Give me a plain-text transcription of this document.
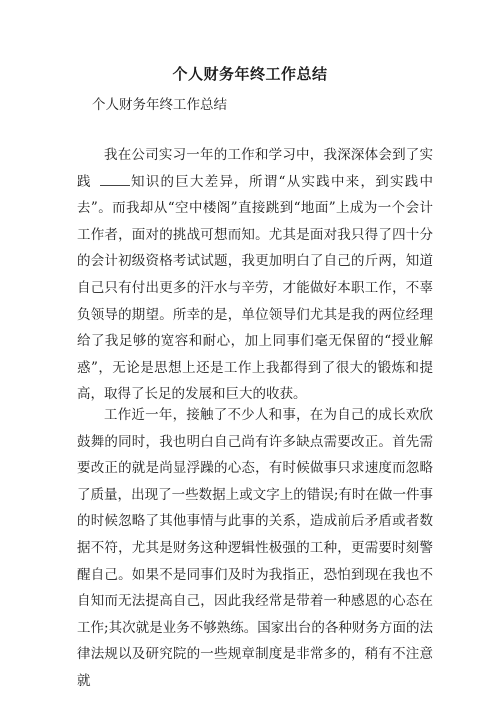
个人财务年终工作总结
个人财务年终工作总结

我在公司实习一年的工作和学习中，我深深体会到了实践	知识的巨大差异，所谓“从实践中来，到实践中去”。而我却从“空中楼阁”直接跳到“地面”上成为一个会计工作者，面对的挑战可想而知。尤其是面对我只得了四十分的会计初级资格考试试题，我更加明白了自己的斤两，知道自己只有付出更多的汗水与辛劳，才能做好本职工作，不辜负领导的期望。所幸的是，单位领导们尤其是我的两位经理给了我足够的宽容和耐心，加上同事们毫无保留的“授业解惑”，无论是思想上还是工作上我都得到了很大的锻炼和提高，取得了长足的发展和巨大的收获。

工作近一年，接触了不少人和事，在为自己的成长欢欣鼓舞的同时，我也明白自己尚有许多缺点需要改正。首先需要改正的就是尚显浮躁的心态，有时候做事只求速度而忽略了质量，出现了一些数据上或文字上的错误;有时在做一件事的时候忽略了其他事情与此事的关系，造成前后矛盾或者数据不符，尤其是财务这种逻辑性极强的工种，更需要时刻警醒自己。如果不是同事们及时为我指正，恐怕到现在我也不自知而无法提高自己，因此我经常是带着一种感恩的心态在工作;其次就是业务不够熟练。国家出台的各种财务方面的法律法规以及研究院的一些规章制度是非常多的，稍有不注意就
